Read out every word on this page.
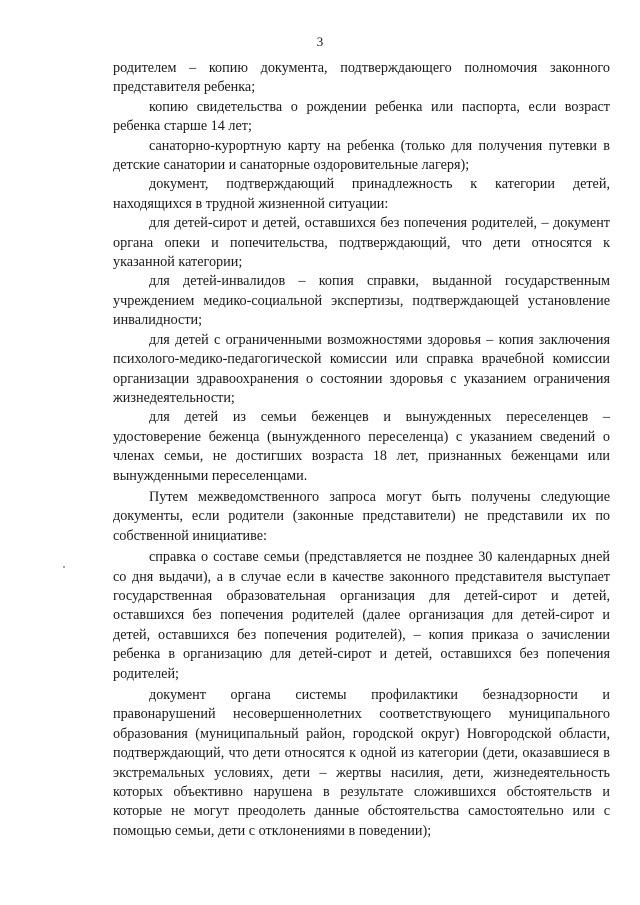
3

родителем – копию документа, подтверждающего полномочия законного представителя ребенка;

копию свидетельства о рождении ребенка или паспорта, если возраст ребенка старше 14 лет;

санаторно-курортную карту на ребенка (только для получения путевки в детские санатории и санаторные оздоровительные лагеря);

документ, подтверждающий принадлежность к категории детей, находящихся в трудной жизненной ситуации:

для детей-сирот и детей, оставшихся без попечения родителей, – документ органа опеки и попечительства, подтверждающий, что дети относятся к указанной категории;

для детей-инвалидов – копия справки, выданной государственным учреждением медико-социальной экспертизы, подтверждающей установление инвалидности;

для детей с ограниченными возможностями здоровья – копия заключения психолого-медико-педагогической комиссии или справка врачебной комиссии организации здравоохранения о состоянии здоровья с указанием ограничения жизнедеятельности;

для детей из семьи беженцев и вынужденных переселенцев – удостоверение беженца (вынужденного переселенца) с указанием сведений о членах семьи, не достигших возраста 18 лет, признанных беженцами или вынужденными переселенцами.

Путем межведомственного запроса могут быть получены следующие документы, если родители (законные представители) не представили их по собственной инициативе:

справка о составе семьи (представляется не позднее 30 календарных дней со дня выдачи), а в случае если в качестве законного представителя выступает государственная образовательная организация для детей-сирот и детей, оставшихся без попечения родителей (далее организация для детей-сирот и детей, оставшихся без попечения родителей), – копия приказа о зачислении ребенка в организацию для детей-сирот и детей, оставшихся без попечения родителей;

документ органа системы профилактики безнадзорности и правонарушений несовершеннолетних соответствующего муниципального образования (муниципальный район, городской округ) Новгородской области, подтверждающий, что дети относятся к одной из категории (дети, оказавшиеся в экстремальных условиях, дети – жертвы насилия, дети, жизнедеятельность которых объективно нарушена в результате сложившихся обстоятельств и которые не могут преодолеть данные обстоятельства самостоятельно или с помощью семьи, дети с отклонениями в поведении);
